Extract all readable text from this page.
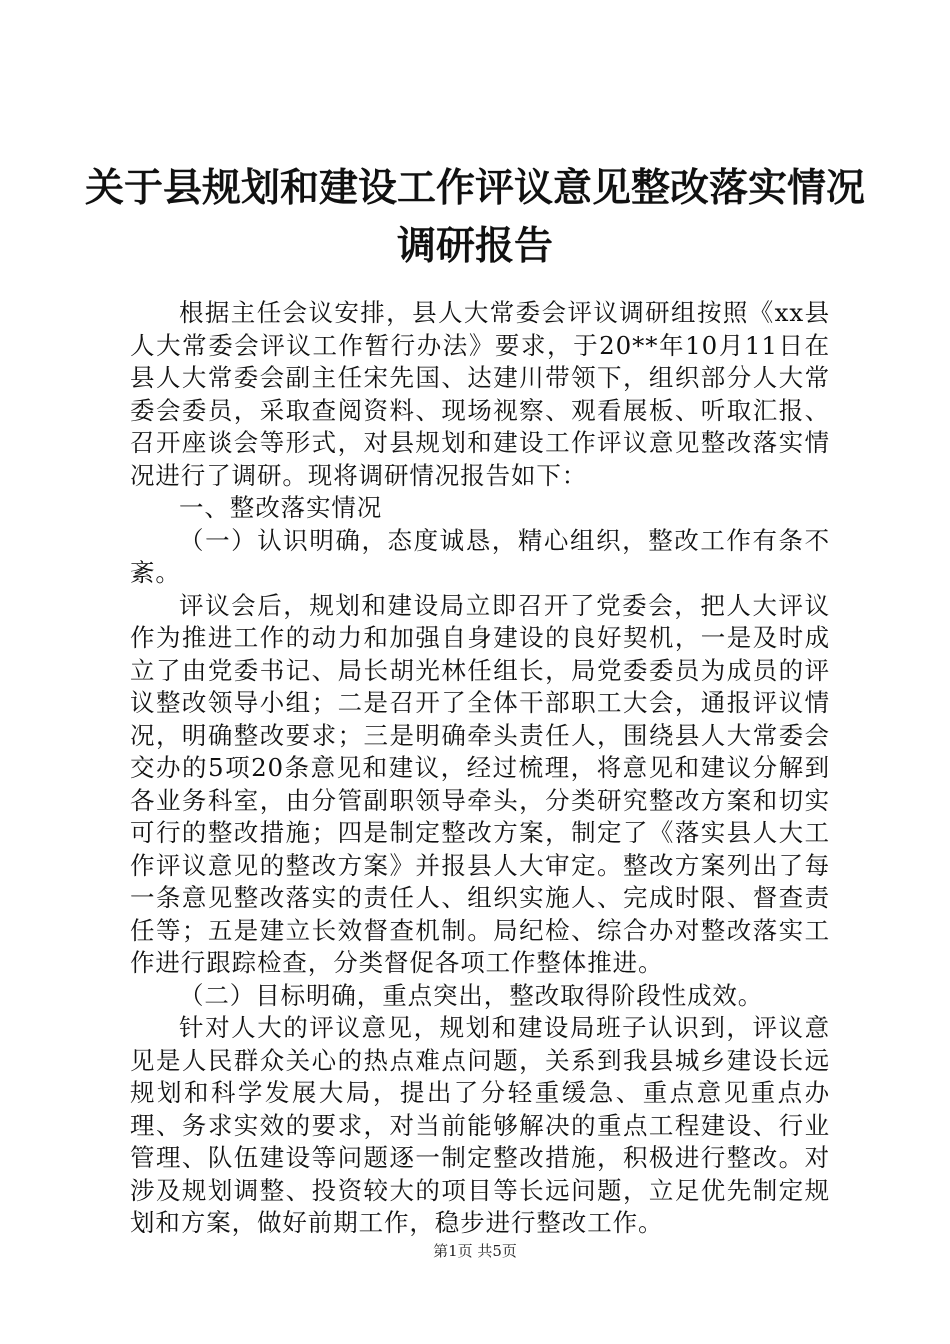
关于县规划和建设工作评议意见整改落实情况
调研报告

根据主任会议安排，县人大常委会评议调研组按照《xx县人大常委会评议工作暂行办法》要求，于20**年10月11日在县人大常委会副主任宋先国、达建川带领下，组织部分人大常委会委员，采取查阅资料、现场视察、观看展板、听取汇报、召开座谈会等形式，对县规划和建设工作评议意见整改落实情况进行了调研。现将调研情况报告如下：

一、整改落实情况

（一）认识明确，态度诚恳，精心组织，整改工作有条不紊。

评议会后，规划和建设局立即召开了党委会，把人大评议作为推进工作的动力和加强自身建设的良好契机，一是及时成立了由党委书记、局长胡光林任组长，局党委委员为成员的评议整改领导小组；二是召开了全体干部职工大会，通报评议情况，明确整改要求；三是明确牵头责任人，围绕县人大常委会交办的5项20条意见和建议，经过梳理，将意见和建议分解到各业务科室，由分管副职领导牵头，分类研究整改方案和切实可行的整改措施；四是制定整改方案，制定了《落实县人大工作评议意见的整改方案》并报县人大审定。整改方案列出了每一条意见整改落实的责任人、组织实施人、完成时限、督查责任等；五是建立长效督查机制。局纪检、综合办对整改落实工作进行跟踪检查，分类督促各项工作整体推进。

（二）目标明确，重点突出，整改取得阶段性成效。

针对人大的评议意见，规划和建设局班子认识到，评议意见是人民群众关心的热点难点问题，关系到我县城乡建设长远规划和科学发展大局，提出了分轻重缓急、重点意见重点办理、务求实效的要求，对当前能够解决的重点工程建设、行业管理、队伍建设等问题逐一制定整改措施，积极进行整改。对涉及规划调整、投资较大的项目等长远问题，立足优先制定规划和方案，做好前期工作，稳步进行整改工作。

第1页 共5页
